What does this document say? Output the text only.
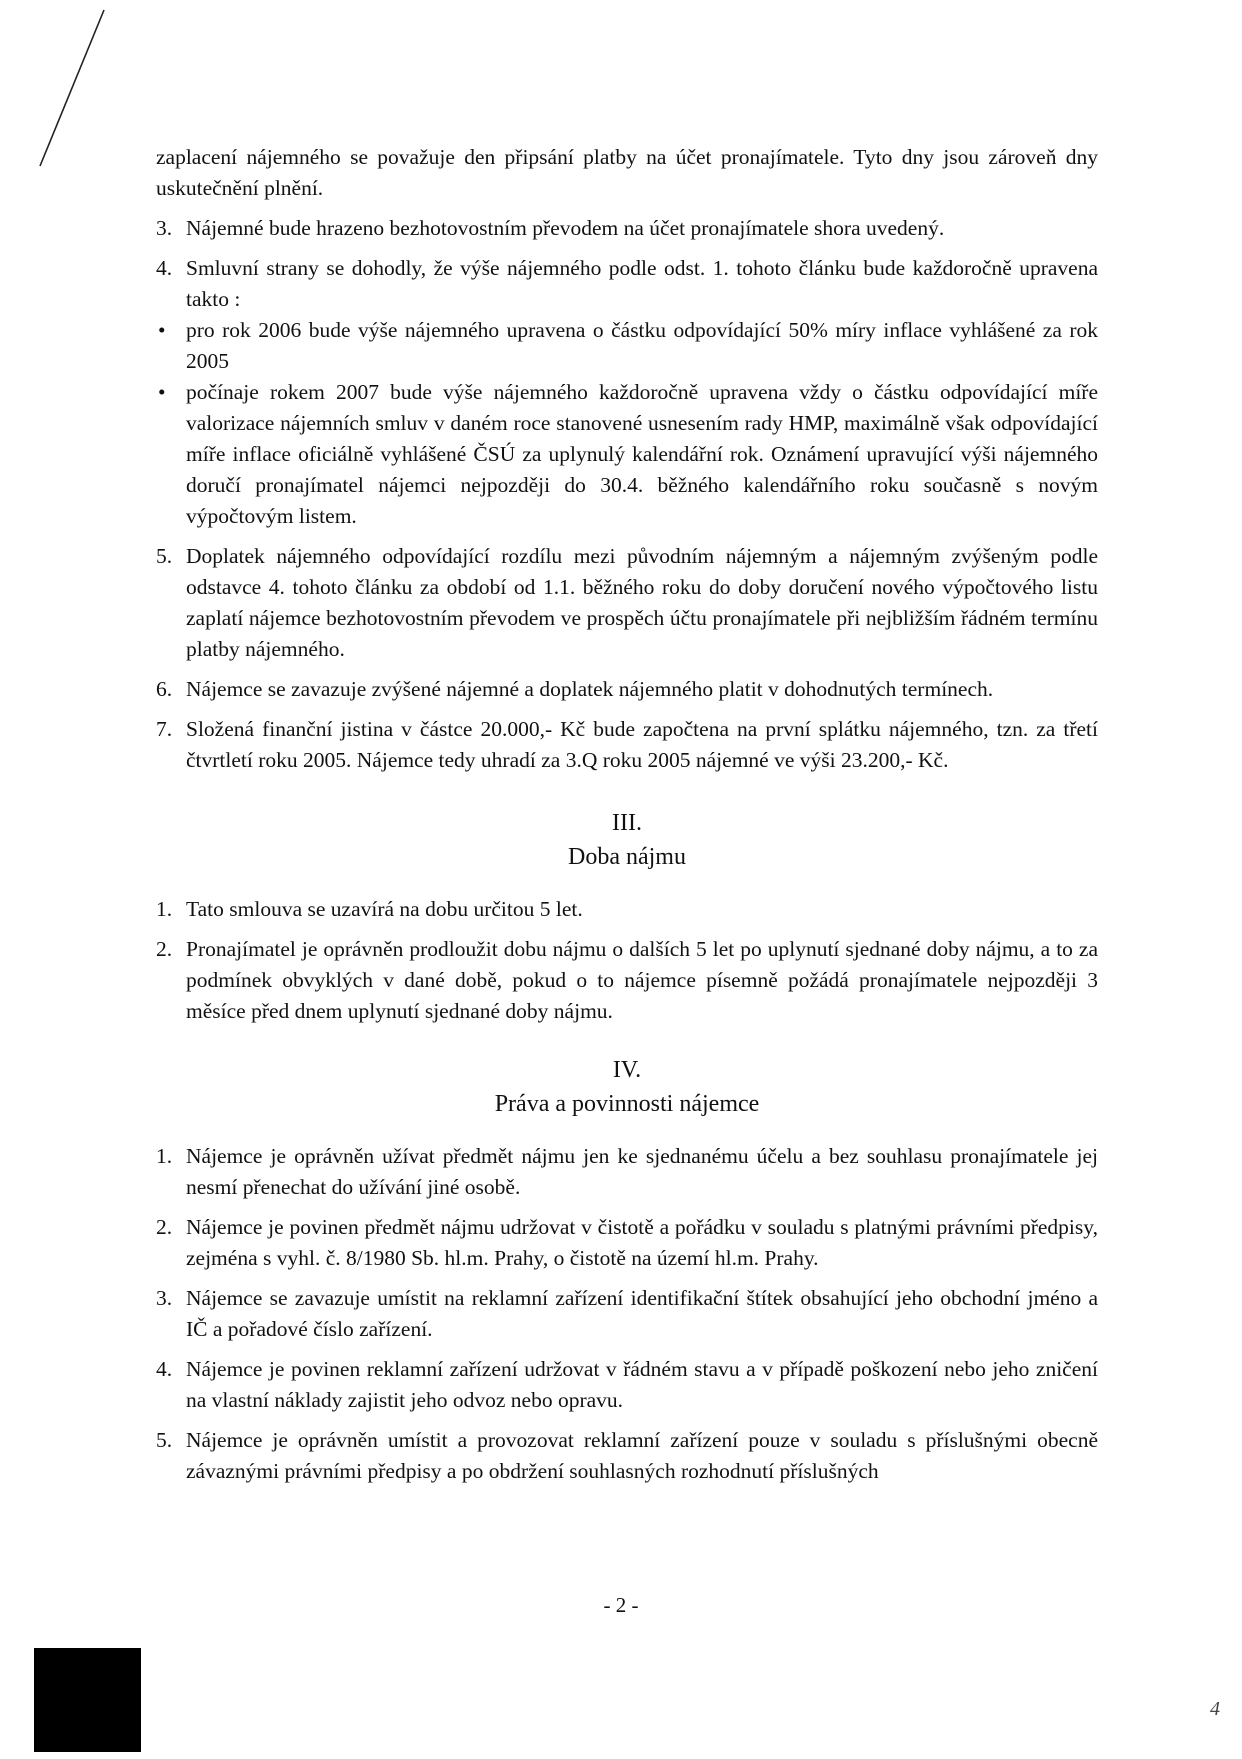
zaplacení nájemného se považuje den připsání platby na účet pronajímatele. Tyto dny jsou zároveň dny uskutečnění plnění.

3. Nájemné bude hrazeno bezhotovostním převodem na účet pronajímatele shora uvedený.
4. Smluvní strany se dohodly, že výše nájemného podle odst. 1. tohoto článku bude každoročně upravena takto :
• pro rok 2006 bude výše nájemného upravena o částku odpovídající 50% míry inflace vyhlášené za rok 2005
• počínaje rokem 2007 bude výše nájemného každoročně upravena vždy o částku odpovídající míře valorizace nájemních smluv v daném roce stanovené usnesením rady HMP, maximálně však odpovídající míře inflace oficiálně vyhlášené ČSÚ za uplynulý kalendářní rok. Oznámení upravující výši nájemného doručí pronajímatel nájemci nejpozději do 30.4. běžného kalendářního roku současně s novým výpočtovým listem.
5. Doplatek nájemného odpovídající rozdílu mezi původním nájemným a nájemným zvýšeným podle odstavce 4. tohoto článku za období od 1.1. běžného roku do doby doručení nového výpočtového listu zaplatí nájemce bezhotovostním převodem ve prospěch účtu pronajímatele při nejbližším řádném termínu platby nájemného.
6. Nájemce se zavazuje zvýšené nájemné a doplatek nájemného platit v dohodnutých termínech.
7. Složená finanční jistina v částce 20.000,- Kč bude započtena na první splátku nájemného, tzn. za třetí čtvrtletí roku 2005. Nájemce tedy uhradí za 3.Q roku 2005 nájemné ve výši 23.200,- Kč.
III.
Doba nájmu
1. Tato smlouva se uzavírá na dobu určitou 5 let.
2. Pronajímatel je oprávněn prodloužit dobu nájmu o dalších 5 let po uplynutí sjednané doby nájmu, a to za podmínek obvyklých v dané době, pokud o to nájemce písemně požádá pronajímatele nejpozději 3 měsíce před dnem uplynutí sjednané doby nájmu.
IV.
Práva a povinnosti nájemce
1. Nájemce je oprávněn užívat předmět nájmu jen ke sjednanému účelu a bez souhlasu pronajímatele jej nesmí přenechat do užívání jiné osobě.
2. Nájemce je povinen předmět nájmu udržovat v čistotě a pořádku v souladu s platnými právními předpisy, zejména s vyhl. č. 8/1980 Sb. hl.m. Prahy, o čistotě na území hl.m. Prahy.
3. Nájemce se zavazuje umístit na reklamní zařízení identifikační štítek obsahující jeho obchodní jméno a IČ a pořadové číslo zařízení.
4. Nájemce je povinen reklamní zařízení udržovat v řádném stavu a v případě poškození nebo jeho zničení na vlastní náklady zajistit jeho odvoz nebo opravu.
5. Nájemce je oprávněn umístit a provozovat reklamní zařízení pouze v souladu s příslušnými obecně závaznými právními předpisy a po obdržení souhlasných rozhodnutí příslušných
- 2 -
4
